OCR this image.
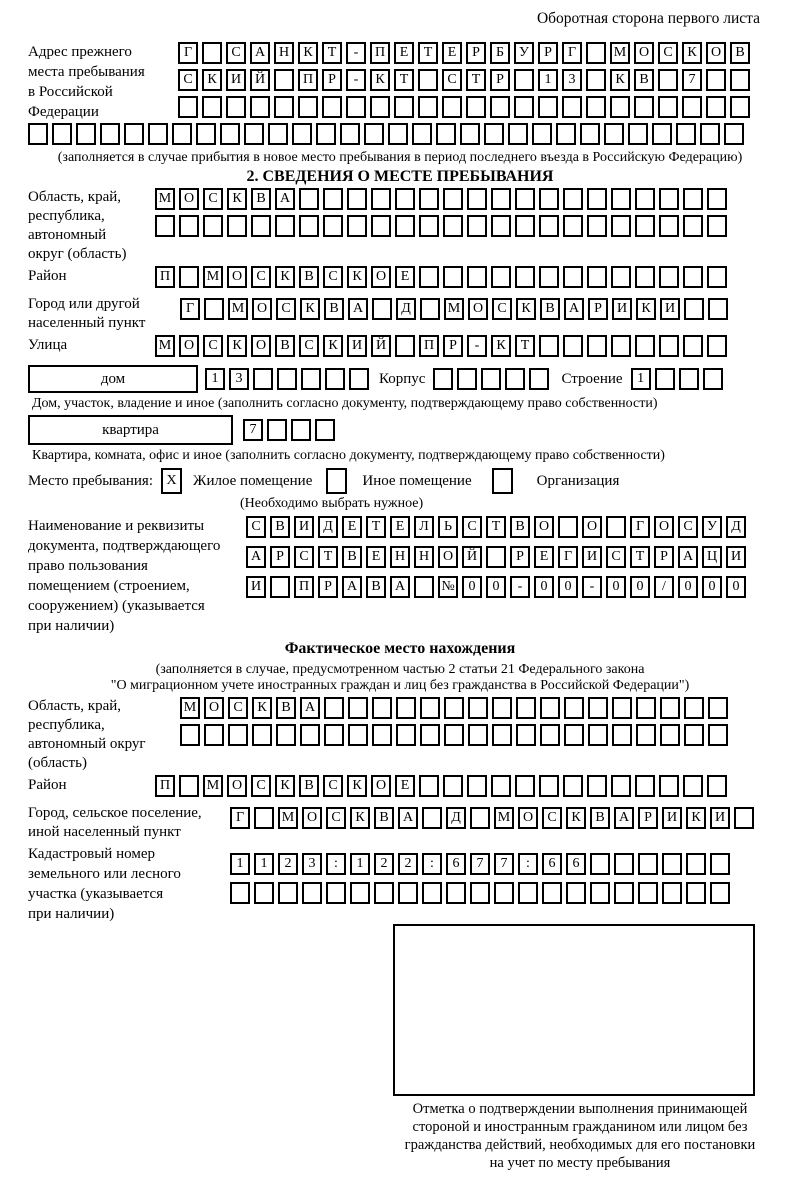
Оборотная сторона первого листа
Адрес прежнего
места пребывания
в Российской
Федерации
Г	С	А Н	К	Т	-	П	Е	Т	Е	Р	Б	У	Р	Г	М О	С	К	О	В
С	К	И Й	П	Р	-	К	Т	С	Т	Р	1	3	К	В	7
(заполняется в случае прибытия в новое место пребывания в период последнего въезда в Российскую Федерацию)
2. СВЕДЕНИЯ О МЕСТЕ ПРЕБЫВАНИЯ
Область, край,
республика,
автономный
округ (область)
М О	С	К	В	А
Район	П	М О	С	К	В	С	К	О	Е
Город или другой
населенный пункт
Г	М О	С	К	В	А	Д	М О	С	К	В	А	Р	И	К	И
Улица	М О	С	К	О	В	С	К	И Й	П	Р	-	К	Т
дом	1	3	Корпус	Строение	1
Дом, участок, владение и иное (заполнить согласно документу, подтверждающему право собственности)
квартира	7
Квартира, комната, офис и иное (заполнить согласно документу, подтверждающему право собственности)
Место пребывания: X	Жилое помещение	Иное помещение	Организация
(Необходимо выбрать нужное)
Наименование и реквизиты
документа, подтверждающего
право пользования
помещением (строением,
сооружением) (указывается
при наличии)
С	В	И	Д	Е	Т	Е	Л	Ь	С	Т	В	О	О	Г	О	С	У	Д
А	Р	С	Т	В	Е	Н Н О Й	Р	Е	Г	И	С	Т	Р	А Ц И
И	П	Р	А	В	А	№ 0	0	-	0	0	-	0	0	/	0	0	0
Фактическое место нахождения
(заполняется в случае, предусмотренном частью 2 статьи 21 Федерального закона
"О миграционном учете иностранных граждан и лиц без гражданства в Российской Федерации")
Область, край,
республика,
автономный округ
(область)
М О	С	К	В	А
Район	П	М О	С	К	В	С	К	О	Е
Город, сельское поселение,
иной населенный пункт
Г	М О	С	К	В	А	Д	М О	С	К	В	А	Р	И	К	И
Кадастровый номер
земельного или лесного
участка (указывается
при наличии)
1	1	2	3	:	1	2	2	:	6	7	7	:	6	6
Отметка о подтверждении выполнения принимающей
стороной и иностранным гражданином или лицом без
гражданства действий, необходимых для его постановки
на учет по месту пребывания
